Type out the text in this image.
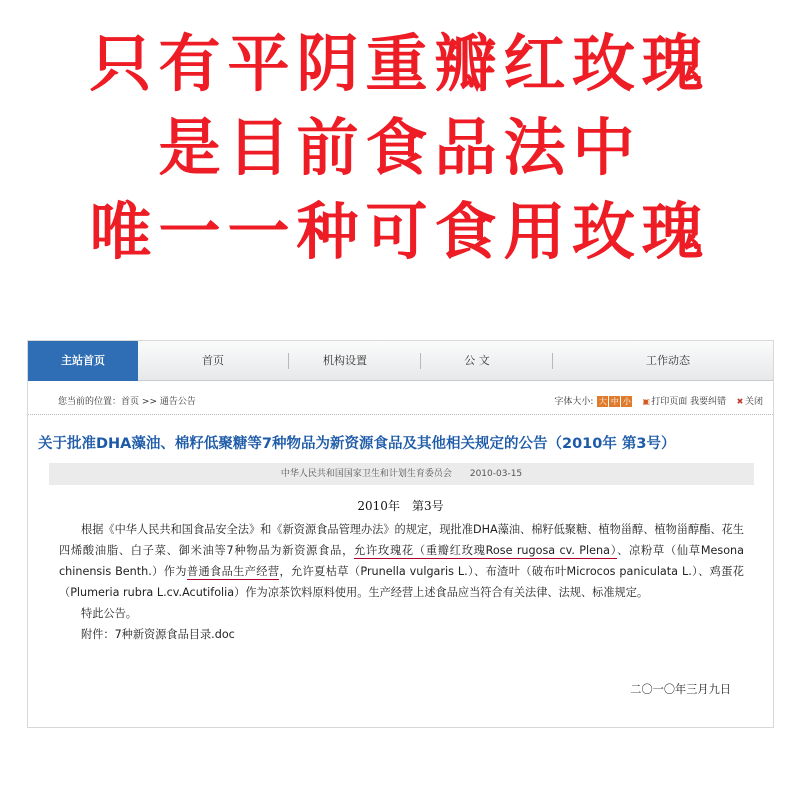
只有平阴重瓣红玫瑰
是目前食品法中
唯一一种可食用玫瑰
主站首页	首页	机构设置	公 文	工作动态
您当前的位置：首页 >> 通告公告	字体大小: 大 中 小 ▣打印页面 我要纠错 ✖ 关闭
关于批准DHA藻油、棉籽低聚糖等7种物品为新资源食品及其他相关规定的公告（2010年 第3号）
中华人民共和国国家卫生和计划生育委员会　　2010-03-15
2010年　第3号
根据《中华人民共和国食品安全法》和《新资源食品管理办法》的规定，现批准DHA藻油、棉籽低聚糖、植物甾醇、植物甾醇酯、花生四烯酸油脂、白子菜、御米油等7种物品为新资源食品，允许玫瑰花（重瓣红玫瑰Rose rugosa cv. Plena）、凉粉草（仙草Mesona chinensis Benth.）作为普通食品生产经营，允许夏枯草（Prunella vulgaris L.）、布渣叶（破布叶Microcos paniculata L.）、鸡蛋花（Plumeria rubra L.cv.Acutifolia）作为凉茶饮料原料使用。生产经营上述食品应当符合有关法律、法规、标准规定。
特此公告。
附件：7种新资源食品目录.doc
二〇一〇年三月九日
